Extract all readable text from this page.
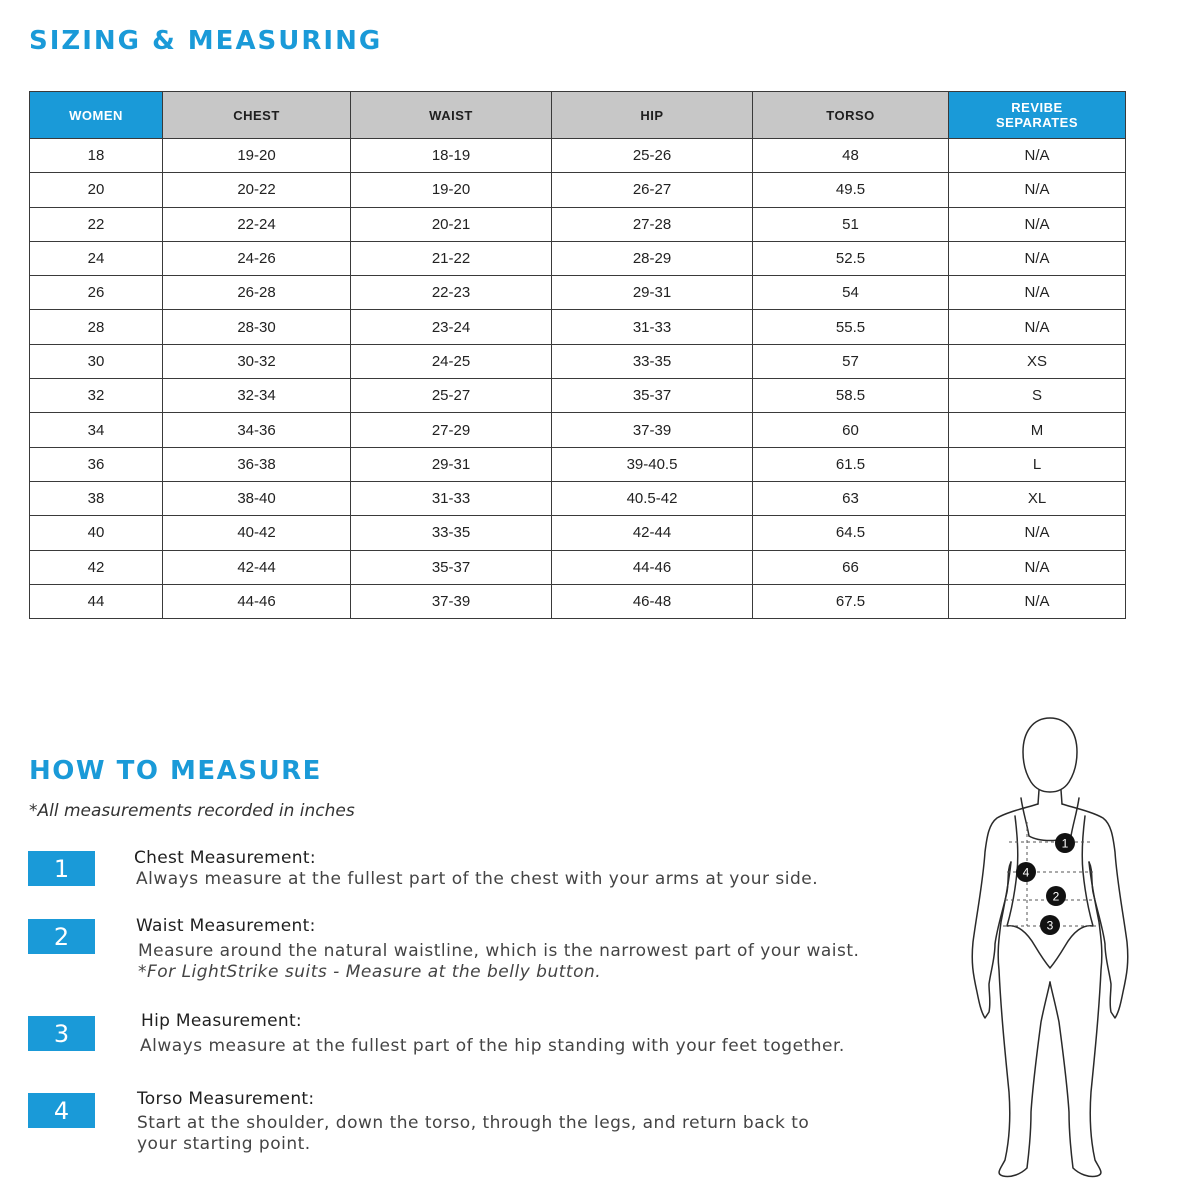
SIZING & MEASURING
WOMEN	CHEST	WAIST	HIP	TORSO	REVIBE
SEPARATES
18	19-20	18-19	25-26	48	N/A
20	20-22	19-20	26-27	49.5	N/A
22	22-24	20-21	27-28	51	N/A
24	24-26	21-22	28-29	52.5	N/A
26	26-28	22-23	29-31	54	N/A
28	28-30	23-24	31-33	55.5	N/A
30	30-32	24-25	33-35	57	XS
32	32-34	25-27	35-37	58.5	S
34	34-36	27-29	37-39	60	M
36	36-38	29-31	39-40.5	61.5	L
38	38-40	31-33	40.5-42	63	XL
40	40-42	33-35	42-44	64.5	N/A
42	42-44	35-37	44-46	66	N/A
44	44-46	37-39	46-48	67.5	N/A
HOW TO MEASURE
*All measurements recorded in inches
1	Chest Measurement:
Always measure at the fullest part of the chest with your arms at your side.
2	Waist Measurement:
Measure around the natural waistline, which is the narrowest part of your waist.
*For LightStrike suits - Measure at the belly button.
3	Hip Measurement:
Always measure at the fullest part of the hip standing with your feet together.
4	Torso Measurement:
Start at the shoulder, down the torso, through the legs, and return back to
your starting point.
1
4
2
3
